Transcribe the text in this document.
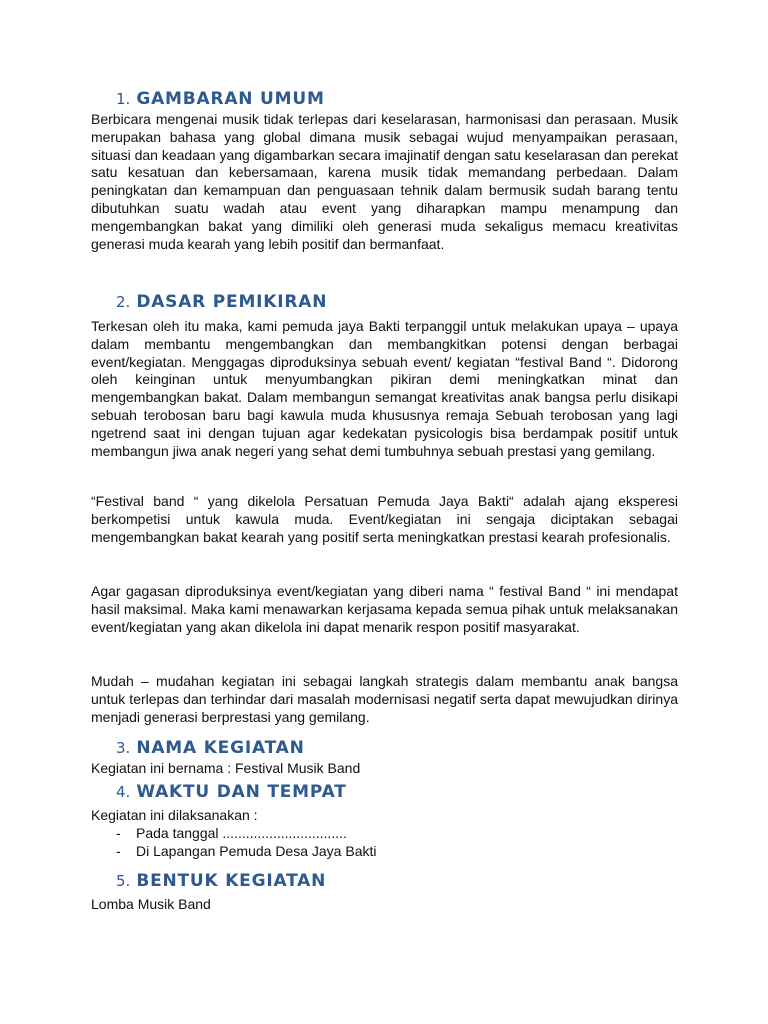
1. GAMBARAN UMUM

Berbicara mengenai musik tidak terlepas dari keselarasan, harmonisasi dan perasaan. Musik merupakan bahasa yang global dimana musik sebagai wujud menyampaikan perasaan, situasi dan keadaan yang digambarkan secara imajinatif dengan satu keselarasan dan perekat satu kesatuan dan kebersamaan, karena musik tidak memandang perbedaan. Dalam peningkatan dan kemampuan dan penguasaan tehnik dalam bermusik sudah barang tentu dibutuhkan suatu wadah atau event yang diharapkan mampu menampung dan mengembangkan bakat yang dimiliki oleh generasi muda sekaligus memacu kreativitas generasi muda kearah yang lebih positif dan bermanfaat.

2. DASAR PEMIKIRAN

Terkesan oleh itu maka, kami pemuda jaya Bakti terpanggil untuk melakukan upaya – upaya dalam membantu mengembangkan dan membangkitkan potensi dengan berbagai event/kegiatan. Menggagas diproduksinya sebuah event/ kegiatan “festival Band “. Didorong oleh keinginan untuk menyumbangkan pikiran demi meningkatkan minat dan mengembangkan bakat. Dalam membangun semangat kreativitas anak bangsa perlu disikapi sebuah terobosan baru bagi kawula muda khususnya remaja Sebuah terobosan yang lagi ngetrend saat ini dengan tujuan agar kedekatan pysicologis bisa berdampak positif untuk membangun jiwa anak negeri yang sehat demi tumbuhnya sebuah prestasi yang gemilang.

“Festival band “ yang dikelola Persatuan Pemuda Jaya Bakti“ adalah ajang eksperesi berkompetisi untuk kawula muda. Event/kegiatan ini sengaja diciptakan sebagai mengembangkan bakat kearah yang positif serta meningkatkan prestasi kearah profesionalis.

Agar gagasan diproduksinya event/kegiatan yang diberi nama “ festival Band “ ini mendapat hasil maksimal. Maka kami menawarkan kerjasama kepada semua pihak untuk melaksanakan event/kegiatan yang akan dikelola ini dapat menarik respon positif masyarakat.

Mudah – mudahan kegiatan ini sebagai langkah strategis dalam membantu anak bangsa untuk terlepas dan terhindar dari masalah modernisasi negatif serta dapat mewujudkan dirinya menjadi generasi berprestasi yang gemilang.

3. NAMA KEGIATAN

Kegiatan ini bernama : Festival Musik Band

4. WAKTU DAN TEMPAT

Kegiatan ini dilaksanakan :

- Pada tanggal ................................

- Di Lapangan Pemuda Desa Jaya Bakti

5. BENTUK KEGIATAN

Lomba Musik Band
